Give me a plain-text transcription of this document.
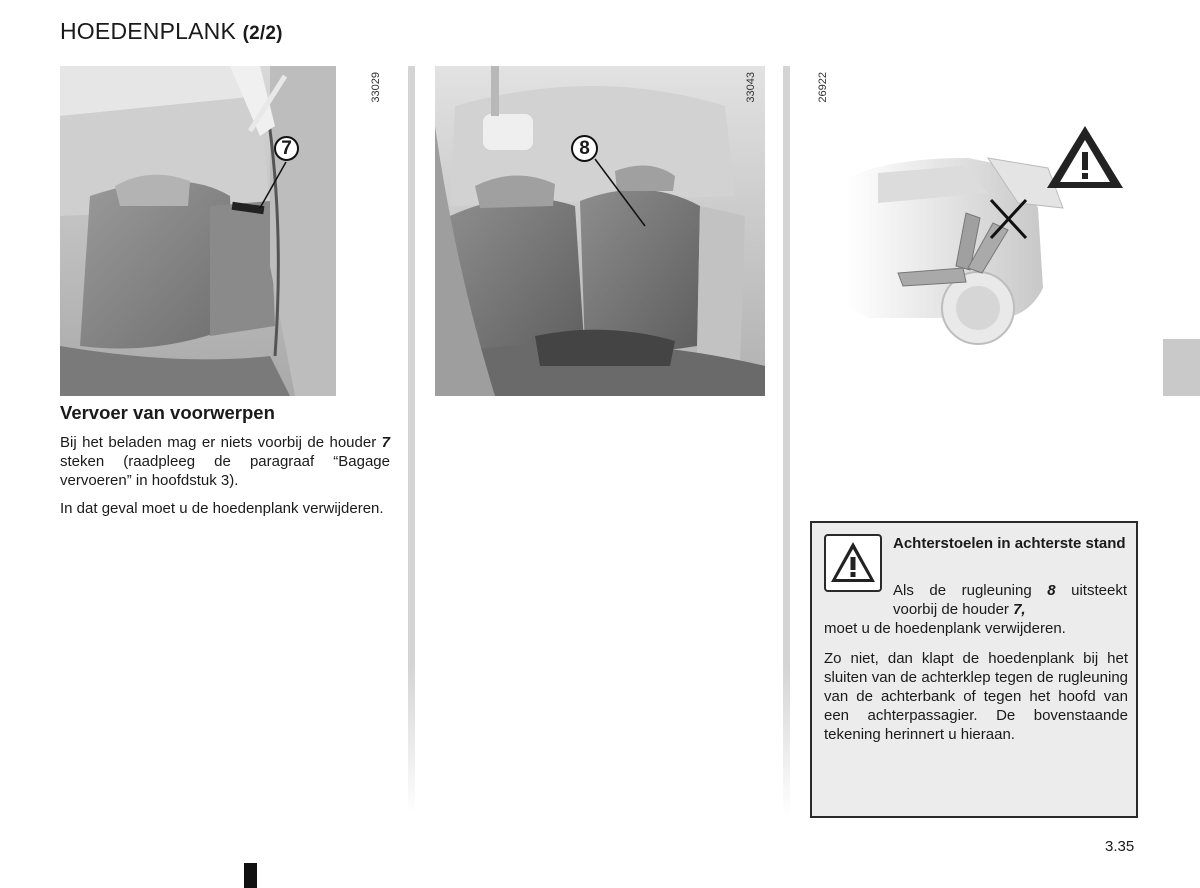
HOEDENPLANK (2/2)
7
33029
8
33043	26922
Vervoer van voorwerpen
Bij het beladen mag er niets voorbij de houder 7 steken (raadpleeg de paragraaf “Bagage vervoeren” in hoofdstuk 3).
In dat geval moet u de hoedenplank verwijderen.
Achterstoelen in achterste stand
Als de rugleuning 8 uitsteekt voorbij de houder 7,
moet u de hoedenplank verwijderen.
Zo niet, dan klapt de hoedenplank bij het sluiten van de achterklep tegen de rugleuning van de achterbank of tegen het hoofd van een achterpassagier. De bovenstaande tekening herinnert u hieraan.
3.35
